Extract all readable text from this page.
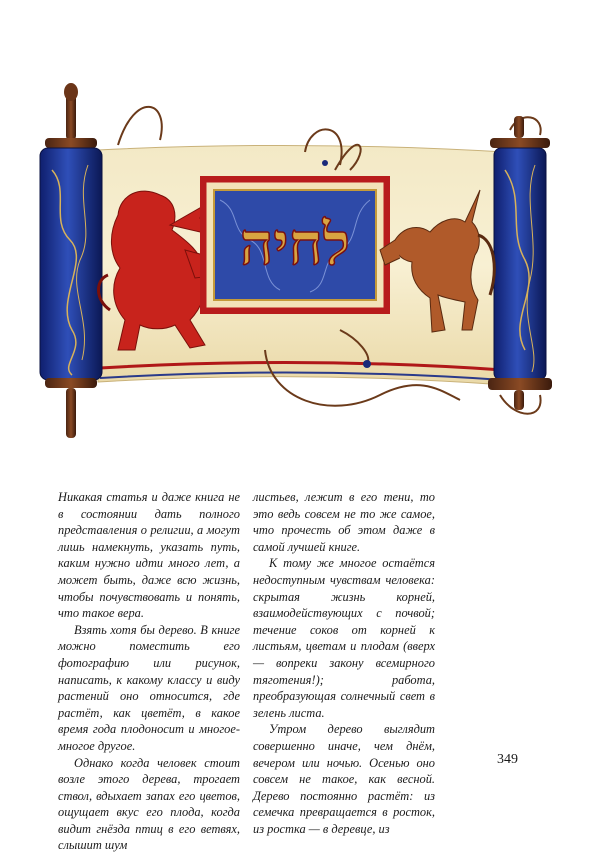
לחיה

Никакая статья и даже книга не в состоянии дать полного представления о религии, а могут лишь намекнуть, указать путь, каким нужно идти много лет, а может быть, даже всю жизнь, чтобы почувствовать и понять, что такое вера.

Взять хотя бы дерево. В книге можно поместить его фотографию или рисунок, написать, к какому классу и виду растений оно относится, где растёт, как цветёт, в какое время года плодоносит и многое-многое другое.

Однако когда человек стоит возле этого дерева, трогает ствол, вдыхает запах его цветов, ощущает вкус его плода, когда видит гнёзда птиц в его ветвях, слышит шум

листьев, лежит в его тени, то это ведь совсем не то же самое, что прочесть об этом даже в самой лучшей книге.

К тому же многое остаётся недоступным чувствам человека: скрытая жизнь корней, взаимодействующих с почвой; течение соков от корней к листьям, цветам и плодам (вверх — вопреки закону всемирного тяготения!); работа, преобразующая солнечный свет в зелень листа.

Утром дерево выглядит совершенно иначе, чем днём, вечером или ночью. Осенью оно совсем не такое, как весной. Дерево постоянно растёт: из семечка превращается в росток, из ростка — в деревце, из

349
